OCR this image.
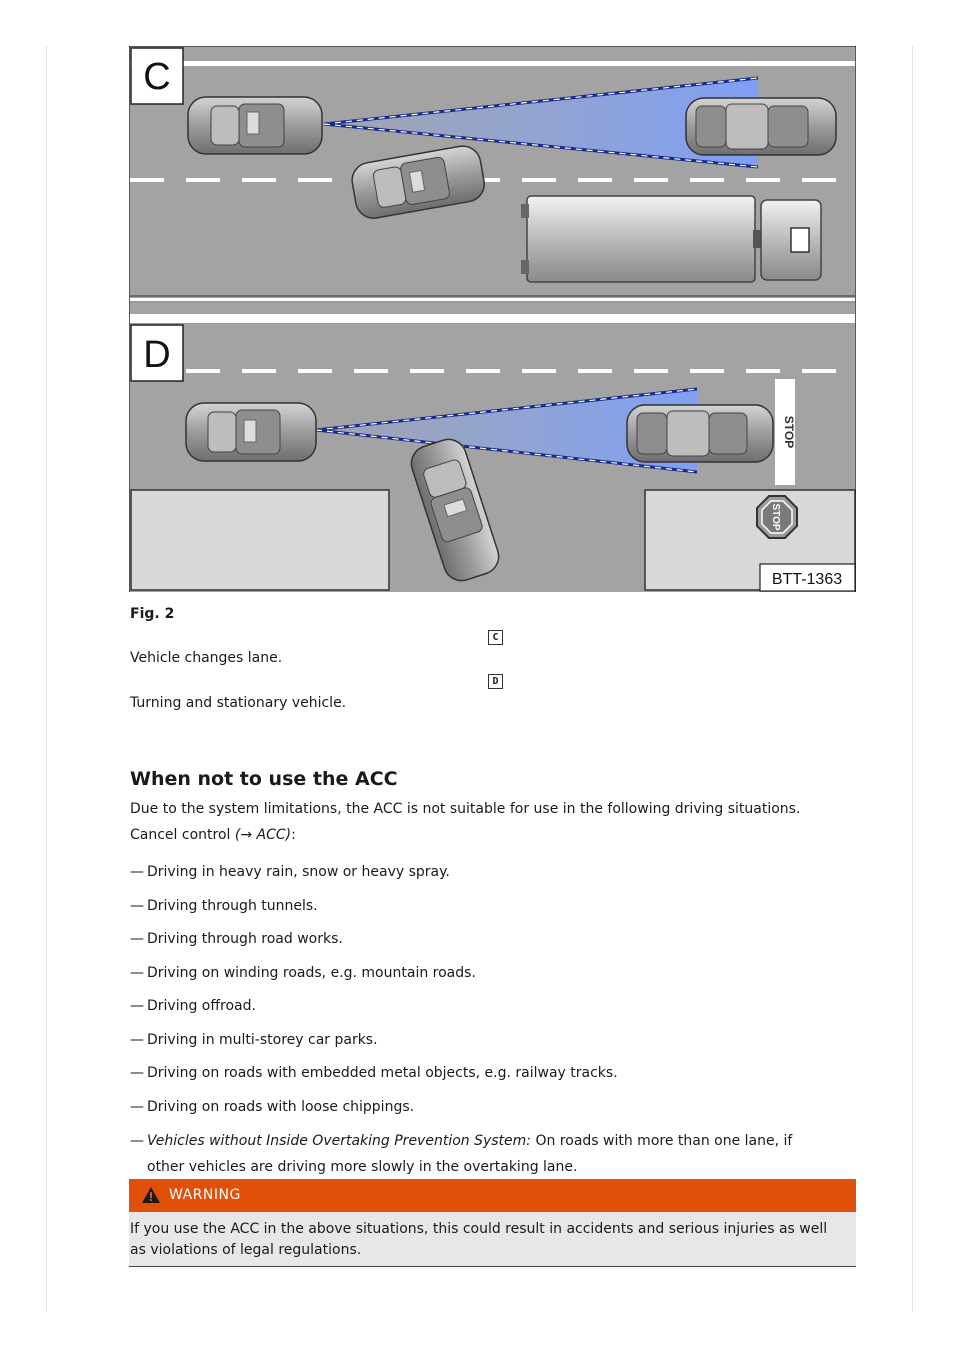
C
STOP
STOP
D
BTT-1363
Fig. 2
C
Vehicle changes lane.
D
Turning and stationary vehicle.
When not to use the ACC
Due to the system limitations, the ACC is not suitable for use in the following driving situations.
Cancel control (→ ACC):
— Driving in heavy rain, snow or heavy spray.
— Driving through tunnels.
— Driving through road works.
— Driving on winding roads, e.g. mountain roads.
— Driving offroad.
— Driving in multi-storey car parks.
— Driving on roads with embedded metal objects, e.g. railway tracks.
— Driving on roads with loose chippings.
— Vehicles without Inside Overtaking Prevention System: On roads with more than one lane, if
other vehicles are driving more slowly in the overtaking lane.
WARNING
If you use the ACC in the above situations, this could result in accidents and serious injuries as well as violations of legal regulations.
